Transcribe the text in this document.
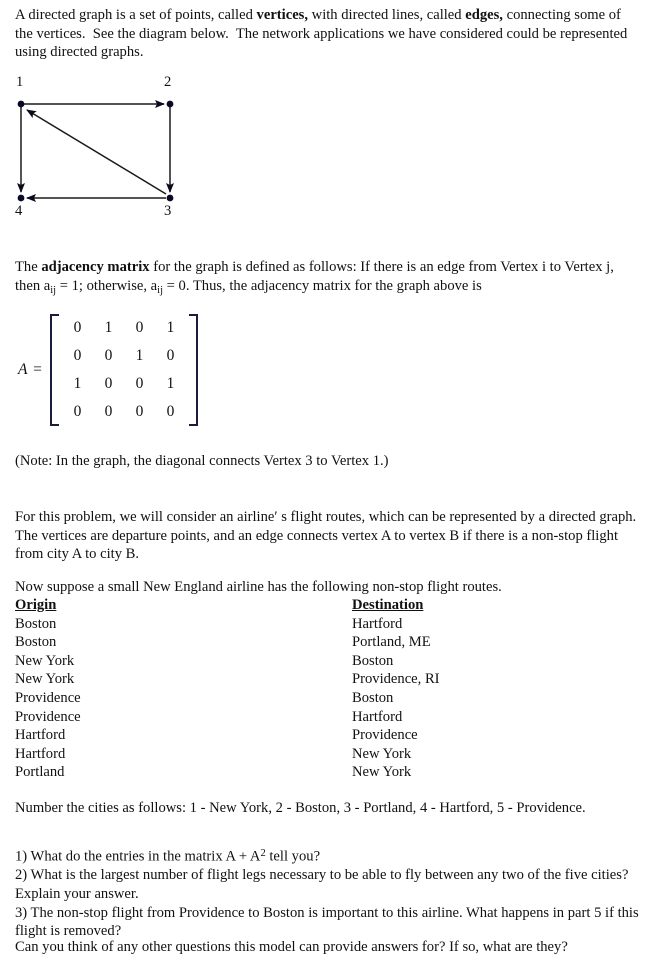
A directed graph is a set of points, called vertices, with directed lines, called edges, connecting some of the vertices.  See the diagram below.  The network applications we have considered could be represented using directed graphs.
1	2
3
4
The adjacency matrix for the graph is defined as follows: If there is an edge from Vertex i to Vertex j, then $a_{ij} = 1$; otherwise, $a_{ij} = 0$. Thus, the adjacency matrix for the graph above is
A =
0 1 0 1
0 0 1 0
1 0 0 1
0 0 0 0
(Note: In the graph, the diagonal connects Vertex 3 to Vertex 1.)
For this problem, we will consider an airline′ s flight routes, which can be represented by a directed graph. The vertices are departure points, and an edge connects vertex A to vertex B if there is a non-stop flight from city A to city B.
Now suppose a small New England airline has the following non-stop flight routes.
Origin	Destination
Boston	Hartford
Boston	Portland, ME
New York	Boston
New York	Providence, RI
Providence	Boston
Providence	Hartford
Hartford	Providence
Hartford	New York
Portland	New York
Number the cities as follows: 1 - New York, 2 - Boston, 3 - Portland, 4 - Hartford, 5 - Providence.
1) What do the entries in the matrix $A + A^2$ tell you?
2) What is the largest number of flight legs necessary to be able to fly between any two of the five cities? Explain your answer.
3) The non-stop flight from Providence to Boston is important to this airline. What happens in part 5 if this flight is removed?
Can you think of any other questions this model can provide answers for? If so, what are they?
